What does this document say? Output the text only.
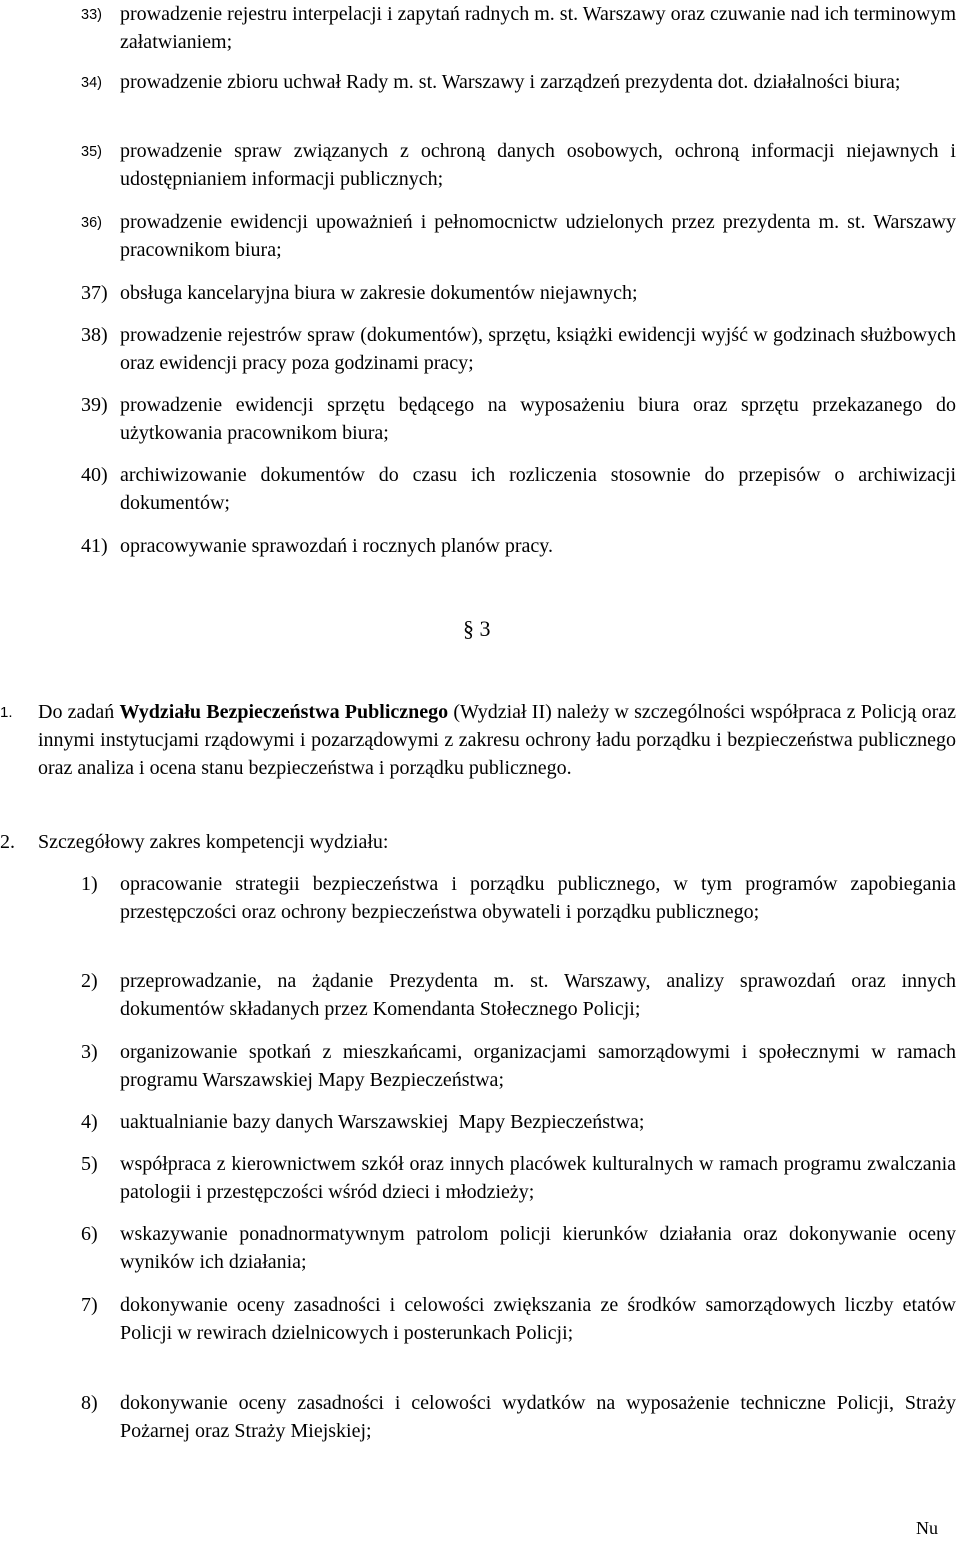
33) prowadzenie rejestru interpelacji i zapytań radnych m. st. Warszawy oraz czuwanie nad ich terminowym załatwianiem;
34) prowadzenie zbioru uchwał Rady m. st. Warszawy i zarządzeń prezydenta dot. działalności biura;
35) prowadzenie spraw związanych z ochroną danych osobowych, ochroną informacji niejawnych i udostępnianiem informacji publicznych;
36) prowadzenie ewidencji upoważnień i pełnomocnictw udzielonych przez prezydenta m. st. Warszawy pracownikom biura;
37) obsługa kancelaryjna biura w zakresie dokumentów niejawnych;
38) prowadzenie rejestrów spraw (dokumentów), sprzętu, książki ewidencji wyjść w godzinach służbowych oraz ewidencji pracy poza godzinami pracy;
39) prowadzenie ewidencji sprzętu będącego na wyposażeniu biura oraz sprzętu przekazanego do użytkowania pracownikom biura;
40) archiwizowanie dokumentów do czasu ich rozliczenia stosownie do przepisów o archiwizacji dokumentów;
41) opracowywanie sprawozdań i rocznych planów pracy.
§ 3
1. Do zadań Wydziału Bezpieczeństwa Publicznego (Wydział II) należy w szczególności współpraca z Policją oraz innymi instytucjami rządowymi i pozarządowymi z zakresu ochrony ładu porządku i bezpieczeństwa publicznego oraz analiza i ocena stanu bezpieczeństwa i porządku publicznego.
2. Szczegółowy zakres kompetencji wydziału:
1) opracowanie strategii bezpieczeństwa i porządku publicznego, w tym programów zapobiegania przestępczości oraz ochrony bezpieczeństwa obywateli i porządku publicznego;
2) przeprowadzanie, na żądanie Prezydenta m. st. Warszawy, analizy sprawozdań oraz innych dokumentów składanych przez Komendanta Stołecznego Policji;
3) organizowanie spotkań z mieszkańcami, organizacjami samorządowymi i społecznymi w ramach programu Warszawskiej Mapy Bezpieczeństwa;
4) uaktualnianie bazy danych Warszawskiej  Mapy Bezpieczeństwa;
5) współpraca z kierownictwem szkół oraz innych placówek kulturalnych w ramach programu zwalczania patologii i przestępczości wśród dzieci i młodzieży;
6) wskazywanie ponadnormatywnym patrolom policji kierunków działania oraz dokonywanie oceny wyników ich działania;
7) dokonywanie oceny zasadności i celowości zwiększania ze środków samorządowych liczby etatów Policji w rewirach dzielnicowych i posterunkach Policji;
8) dokonywanie oceny zasadności i celowości wydatków na wyposażenie techniczne Policji, Straży Pożarnej oraz Straży Miejskiej;
Nu
